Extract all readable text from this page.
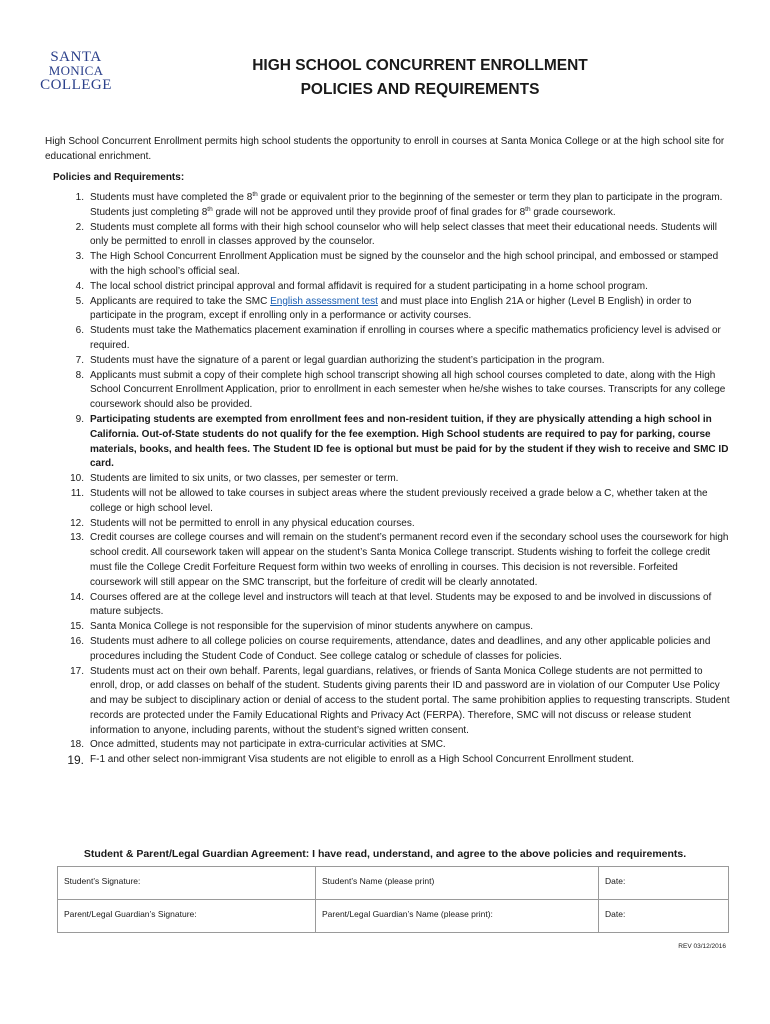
SANTA
MONICA
COLLEGE
HIGH SCHOOL CONCURRENT ENROLLMENT
POLICIES AND REQUIREMENTS
High School Concurrent Enrollment permits high school students the opportunity to enroll in courses at Santa Monica College or at the high school site for educational enrichment.
Policies and Requirements:
1. Students must have completed the 8th grade or equivalent prior to the beginning of the semester or term they plan to participate in the program. Students just completing 8th grade will not be approved until they provide proof of final grades for 8th grade coursework.
2. Students must complete all forms with their high school counselor who will help select classes that meet their educational needs. Students will only be permitted to enroll in classes approved by the counselor.
3. The High School Concurrent Enrollment Application must be signed by the counselor and the high school principal, and embossed or stamped with the high school’s official seal.
4. The local school district principal approval and formal affidavit is required for a student participating in a home school program.
5. Applicants are required to take the SMC English assessment test and must place into English 21A or higher (Level B English) in order to participate in the program, except if enrolling only in a performance or activity courses.
6. Students must take the Mathematics placement examination if enrolling in courses where a specific mathematics proficiency level is advised or required.
7. Students must have the signature of a parent or legal guardian authorizing the student’s participation in the program.
8. Applicants must submit a copy of their complete high school transcript showing all high school courses completed to date, along with the High School Concurrent Enrollment Application, prior to enrollment in each semester when he/she wishes to take courses. Transcripts for any college coursework should also be provided.
9. Participating students are exempted from enrollment fees and non-resident tuition, if they are physically attending a high school in California. Out-of-State students do not qualify for the fee exemption. High School students are required to pay for parking, course materials, books, and health fees. The Student ID fee is optional but must be paid for by the student if they wish to receive and SMC ID card.
10. Students are limited to six units, or two classes, per semester or term.
11. Students will not be allowed to take courses in subject areas where the student previously received a grade below a C, whether taken at the college or high school level.
12. Students will not be permitted to enroll in any physical education courses.
13. Credit courses are college courses and will remain on the student’s permanent record even if the secondary school uses the coursework for high school credit. All coursework taken will appear on the student’s Santa Monica College transcript. Students wishing to forfeit the college credit must file the College Credit Forfeiture Request form within two weeks of enrolling in courses. This decision is not reversible. Forfeited coursework will still appear on the SMC transcript, but the forfeiture of credit will be clearly annotated.
14. Courses offered are at the college level and instructors will teach at that level. Students may be exposed to and be involved in discussions of mature subjects.
15. Santa Monica College is not responsible for the supervision of minor students anywhere on campus.
16. Students must adhere to all college policies on course requirements, attendance, dates and deadlines, and any other applicable policies and procedures including the Student Code of Conduct. See college catalog or schedule of classes for policies.
17. Students must act on their own behalf. Parents, legal guardians, relatives, or friends of Santa Monica College students are not permitted to enroll, drop, or add classes on behalf of the student. Students giving parents their ID and password are in violation of our Computer Use Policy and may be subject to disciplinary action or denial of access to the student portal. The same prohibition applies to requesting transcripts. Student records are protected under the Family Educational Rights and Privacy Act (FERPA). Therefore, SMC will not discuss or release student information to anyone, including parents, without the student’s signed written consent.
18. Once admitted, students may not participate in extra-curricular activities at SMC.
19. F-1 and other select non-immigrant Visa students are not eligible to enroll as a High School Concurrent Enrollment student.
Student & Parent/Legal Guardian Agreement: I have read, understand, and agree to the above policies and requirements.
Student’s Signature:	Student’s Name (please print)	Date:
Parent/Legal Guardian’s Signature:	Parent/Legal Guardian’s Name (please print):	Date:
REV 03/12/2016
